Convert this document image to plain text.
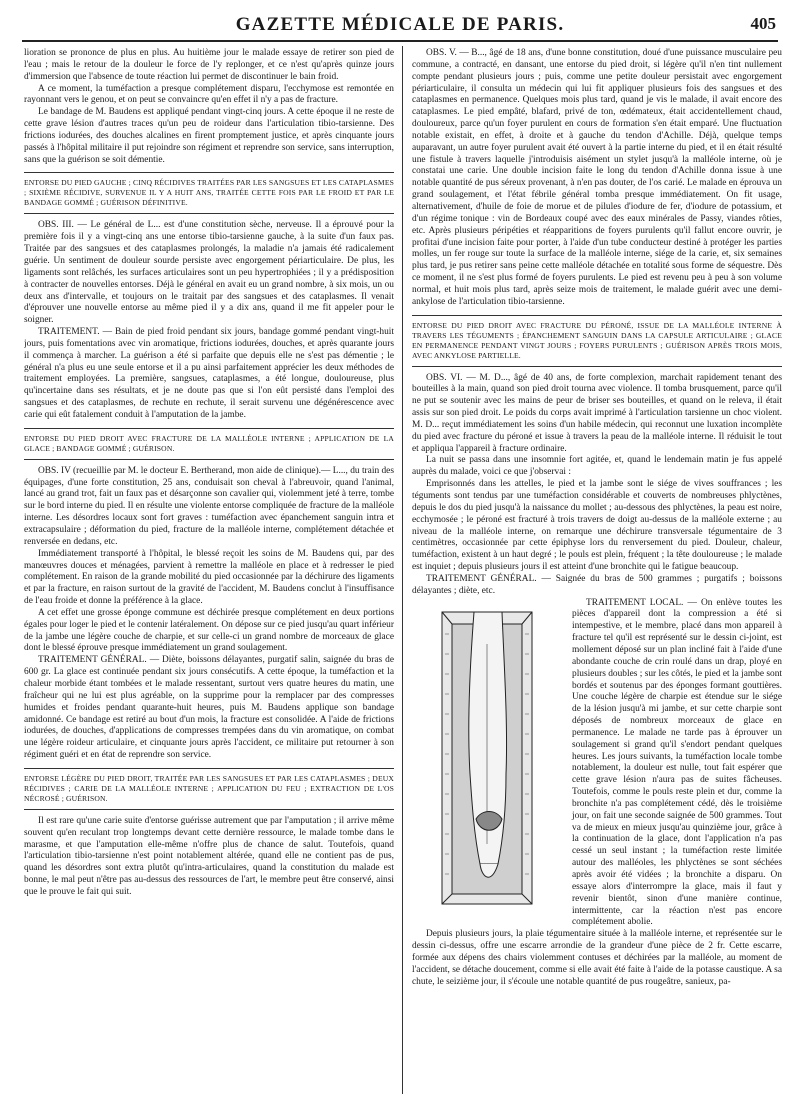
GAZETTE MÉDICALE DE PARIS.	405

lioration se prononce de plus en plus. Au huitième jour le malade essaye de retirer son pied de l'eau ; mais le retour de la douleur le force de l'y replonger, et ce n'est qu'après quinze jours d'immersion que l'absence de toute réaction lui permet de discontinuer le bain froid.

A ce moment, la tuméfaction a presque complétement disparu, l'ecchymose est remontée en rayonnant vers le genou, et on peut se convaincre qu'en effet il n'y a pas de fracture.

Le bandage de M. Baudens est appliqué pendant vingt-cinq jours. A cette époque il ne reste de cette grave lésion d'autres traces qu'un peu de roideur dans l'articulation tibio-tarsienne. Des frictions iodurées, des douches alcalines en firent promptement justice, et après cinquante jours passés à l'hôpital militaire il put rejoindre son régiment et reprendre son service, sans interruption, sans que la guérison se soit démentie.

ENTORSE DU PIED GAUCHE ; CINQ RÉCIDIVES TRAITÉES PAR LES SANGSUES ET LES CATAPLASMES ; SIXIÈME RÉCIDIVE, SURVENUE IL Y A HUIT ANS, TRAITÉE CETTE FOIS PAR LE FROID ET PAR LE BANDAGE GOMMÉ ; GUÉRISON DÉFINITIVE.

OBS. III. — Le général de L... est d'une constitution sèche, nerveuse. Il a éprouvé pour la première fois il y a vingt-cinq ans une entorse tibio-tarsienne gauche, à la suite d'un faux pas. Traitée par des sangsues et des cataplasmes prolongés, la maladie n'a jamais été radicalement guérie. Un sentiment de douleur sourde persiste avec engorgement périarticulaire. De plus, les ligaments sont relâchés, les surfaces articulaires sont un peu hypertrophiées ; il y a prédisposition à contracter de nouvelles entorses. Déjà le général en avait eu un grand nombre, à six mois, un ou deux ans d'intervalle, et toujours on le traitait par des sangsues et des cataplasmes. Il venait d'éprouver une nouvelle entorse au même pied il y a dix ans, quand il me fit appeler pour le soigner.

TRAITEMENT. — Bain de pied froid pendant six jours, bandage gommé pendant vingt-huit jours, puis fomentations avec vin aromatique, frictions iodurées, douches, et après quarante jours il commença à marcher. La guérison a été si parfaite que depuis elle ne s'est pas démentie ; le général n'a plus eu une seule entorse et il a pu ainsi parfaitement apprécier les deux méthodes de traitement employées. La première, sangsues, cataplasmes, a été longue, douloureuse, plus qu'incertaine dans ses résultats, et je ne doute pas que si l'on eût persisté dans l'emploi des sangsues et des cataplasmes, de rechute en rechute, il serait survenu une dégénérescence avec carie qui eût fatalement conduit à l'amputation de la jambe.

ENTORSE DU PIED DROIT AVEC FRACTURE DE LA MALLÉOLE INTERNE ; APPLICATION DE LA GLACE ; BANDAGE GOMMÉ ; GUÉRISON.

OBS. IV (recueillie par M. le docteur E. Bertherand, mon aide de clinique).— L..., du train des équipages, d'une forte constitution, 25 ans, conduisait son cheval à l'abreuvoir, quand l'animal, lancé au grand trot, fait un faux pas et désarçonne son cavalier qui, violemment jeté à terre, tombe sur le bord interne du pied. Il en résulte une violente entorse compliquée de fracture de la malléole interne. Les désordres locaux sont fort graves : tuméfaction avec épanchement sanguin intra et extracapsulaire ; déformation du pied, fracture de la malléole interne, complétement détachée et renversée en dedans, etc.

Immédiatement transporté à l'hôpital, le blessé reçoit les soins de M. Baudens qui, par des manœuvres douces et ménagées, parvient à remettre la malléole en place et à redresser le pied complétement. En raison de la grande mobilité du pied occasionnée par la déchirure des ligaments et par la fracture, en raison surtout de la gravité de l'accident, M. Baudens conclut à l'insuffisance de l'eau froide et donne la préférence à la glace.

A cet effet une grosse éponge commune est déchirée presque complétement en deux portions égales pour loger le pied et le contenir latéralement. On dépose sur ce pied jusqu'au quart inférieur de la jambe une légère couche de charpie, et sur celle-ci un grand nombre de morceaux de glace dont le blessé éprouve presque immédiatement un grand soulagement.

TRAITEMENT GÉNÉRAL. — Diète, boissons délayantes, purgatif salin, saignée du bras de 600 gr. La glace est continuée pendant six jours consécutifs. A cette époque, la tuméfaction et la chaleur morbide étant tombées et le malade ressentant, surtout vers quatre heures du matin, une fraîcheur qui ne lui est plus agréable, on la supprime pour la remplacer par des compresses humides et froides pendant quarante-huit heures, puis M. Baudens applique son bandage amidonné. Ce bandage est retiré au bout d'un mois, la fracture est consolidée. A l'aide de frictions iodurées, de douches, d'applications de compresses trempées dans du vin aromatique, on combat une légère roideur articulaire, et cinquante jours après l'accident, ce militaire put retourner à son régiment guéri et en état de reprendre son service.

ENTORSE LÉGÈRE DU PIED DROIT, TRAITÉE PAR LES SANGSUES ET PAR LES CATAPLASMES ; DEUX RÉCIDIVES ; CARIE DE LA MALLÉOLE INTERNE ; APPLICATION DU FEU ; EXTRACTION DE L'OS NÉCROSÉ ; GUÉRISON.

Il est rare qu'une carie suite d'entorse guérisse autrement que par l'amputation ; il arrive même souvent qu'en reculant trop longtemps devant cette dernière ressource, le malade tombe dans le marasme, et que l'amputation elle-même n'offre plus de chance de salut. Toutefois, quand l'articulation tibio-tarsienne n'est point notablement altérée, quand elle ne contient pas de pus, quand les désordres sont extra plutôt qu'intra-articulaires, quand la constitution du malade est bonne, le mal peut n'être pas au-dessus des ressources de l'art, le membre peut être conservé, ainsi que le prouve le fait qui suit.

OBS. V. — B..., âgé de 18 ans, d'une bonne constitution, doué d'une puissance musculaire peu commune, a contracté, en dansant, une entorse du pied droit, si légère qu'il n'en tint nullement compte pendant plusieurs jours ; puis, comme une petite douleur persistait avec engorgement périarticulaire, il consulta un médecin qui lui fit appliquer plusieurs fois des sangsues et des cataplasmes en permanence. Quelques mois plus tard, quand je vis le malade, il avait encore des cataplasmes. Le pied empâté, blafard, privé de ton, œdémateux, était accidentellement chaud, douloureux, parce qu'un foyer purulent en cours de formation s'en était emparé. Une fluctuation notable existait, en effet, à droite et à gauche du tendon d'Achille. Déjà, quelque temps auparavant, un autre foyer purulent avait été ouvert à la partie interne du pied, et il en était résulté une fistule à travers laquelle j'introduisis aisément un stylet jusqu'à la malléole interne, où je constatai une carie. Une double incision faite le long du tendon d'Achille donna issue à une notable quantité de pus séreux provenant, à n'en pas douter, de l'os carié. Le malade en éprouva un grand soulagement, et l'état fébrile général tomba presque immédiatement. On fit usage, alternativement, d'huile de foie de morue et de pilules d'iodure de fer, d'iodure de potassium, et d'un régime tonique : vin de Bordeaux coupé avec des eaux minérales de Passy, viandes rôties, etc. Après plusieurs péripéties et réapparitions de foyers purulents qu'il fallut encore ouvrir, je profitai d'une incision faite pour porter, à l'aide d'un tube conducteur destiné à protéger les parties molles, un fer rouge sur toute la surface de la malléole interne, siége de la carie, et, six semaines plus tard, je pus retirer sans peine cette malléole détachée en totalité sous forme de séquestre. Dès ce moment, il ne s'est plus formé de foyers purulents. Le pied est revenu peu à peu à son volume normal, et huit mois plus tard, après seize mois de traitement, le malade guérit avec une demi-ankylose de l'articulation tibio-tarsienne.

ENTORSE DU PIED DROIT AVEC FRACTURE DU PÉRONÉ, ISSUE DE LA MALLÉOLE INTERNE À TRAVERS LES TÉGUMENTS ; ÉPANCHEMENT SANGUIN DANS LA CAPSULE ARTICULAIRE ; GLACE EN PERMANENCE PENDANT VINGT JOURS ; FOYERS PURULENTS ; GUÉRISON APRÈS TROIS MOIS, AVEC ANKYLOSE PARTIELLE.

OBS. VI. — M. D..., âgé de 40 ans, de forte complexion, marchait rapidement tenant des bouteilles à la main, quand son pied droit tourna avec violence. Il tomba brusquement, parce qu'il ne put se soutenir avec les mains de peur de briser ses bouteilles, et quand on le releva, il était assis sur son pied droit. Le poids du corps avait imprimé à l'articulation tarsienne un choc violent. M. D... reçut immédiatement les soins d'un habile médecin, qui reconnut une luxation incomplète du pied avec fracture du péroné et issue à travers la peau de la malléole interne. Il réduisit le tout et appliqua l'appareil à fracture ordinaire.

La nuit se passa dans une insomnie fort agitée, et, quand le lendemain matin je fus appelé auprès du malade, voici ce que j'observai :

Emprisonnés dans les attelles, le pied et la jambe sont le siége de vives souffrances ; les téguments sont tendus par une tuméfaction considérable et couverts de nombreuses phlyctènes, depuis le dos du pied jusqu'à la naissance du mollet ; au-dessous des phlyctènes, la peau est noire, ecchymosée ; le péroné est fracturé à trois travers de doigt au-dessus de la malléole externe ; au niveau de la malléole interne, on remarque une déchirure transversale tégumentaire de 3 centimètres, occasionnée par cette épiphyse lors du renversement du pied. Douleur, chaleur, tuméfaction, existent à un haut degré ; le pouls est plein, fréquent ; la tête douloureuse ; le malade est inquiet ; depuis plusieurs jours il est atteint d'une bronchite qui le fatigue beaucoup.

TRAITEMENT GÉNÉRAL. — Saignée du bras de 500 grammes ; purgatifs ; boissons délayantes ; diète, etc.

TRAITEMENT LOCAL. — On enlève toutes les pièces d'appareil dont la compression a été si intempestive, et le membre, placé dans mon appareil à fracture tel qu'il est représenté sur le dessin ci-joint, est mollement déposé sur un plan incliné fait à l'aide d'une abondante couche de crin roulé dans un drap, ployé en plusieurs doubles ; sur les côtés, le pied et la jambe sont bordés et soutenus par des éponges formant gouttières. Une couche légère de charpie est étendue sur le siége de la lésion jusqu'à mi jambe, et sur cette charpie sont déposés de nombreux morceaux de glace en permanence. Le malade ne tarde pas à éprouver un soulagement si grand qu'il s'endort pendant quelques heures. Les jours suivants, la tuméfaction locale tombe notablement, la douleur est nulle, tout fait espérer que cette grave lésion n'aura pas de suites fâcheuses. Toutefois, comme le pouls reste plein et dur, comme la bronchite n'a pas complétement cédé, dès le troisième jour, on fait une seconde saignée de 500 grammes. Tout va de mieux en mieux jusqu'au quinzième jour, grâce à la continuation de la glace, dont l'application n'a pas cessé un seul instant ; la tuméfaction reste limitée autour des malléoles, les phlyctènes se sont séchées après avoir été vidées ; la bronchite a disparu. On essaye alors d'interrompre la glace, mais il faut y revenir bientôt, sinon d'une manière continue, intermittente, car la réaction n'est pas encore complétement abolie.

Depuis plusieurs jours, la plaie tégumentaire située à la malléole interne, et représentée sur le dessin ci-dessus, offre une escarre arrondie de la grandeur d'une pièce de 2 fr. Cette escarre, formée aux dépens des chairs violemment contuses et déchirées par la malléole, au moment de l'accident, se détache doucement, comme si elle avait été faite à l'aide de la potasse caustique. A sa chute, le seizième jour, il s'écoule une notable quantité de pus rougeâtre, sanieux, pa-
